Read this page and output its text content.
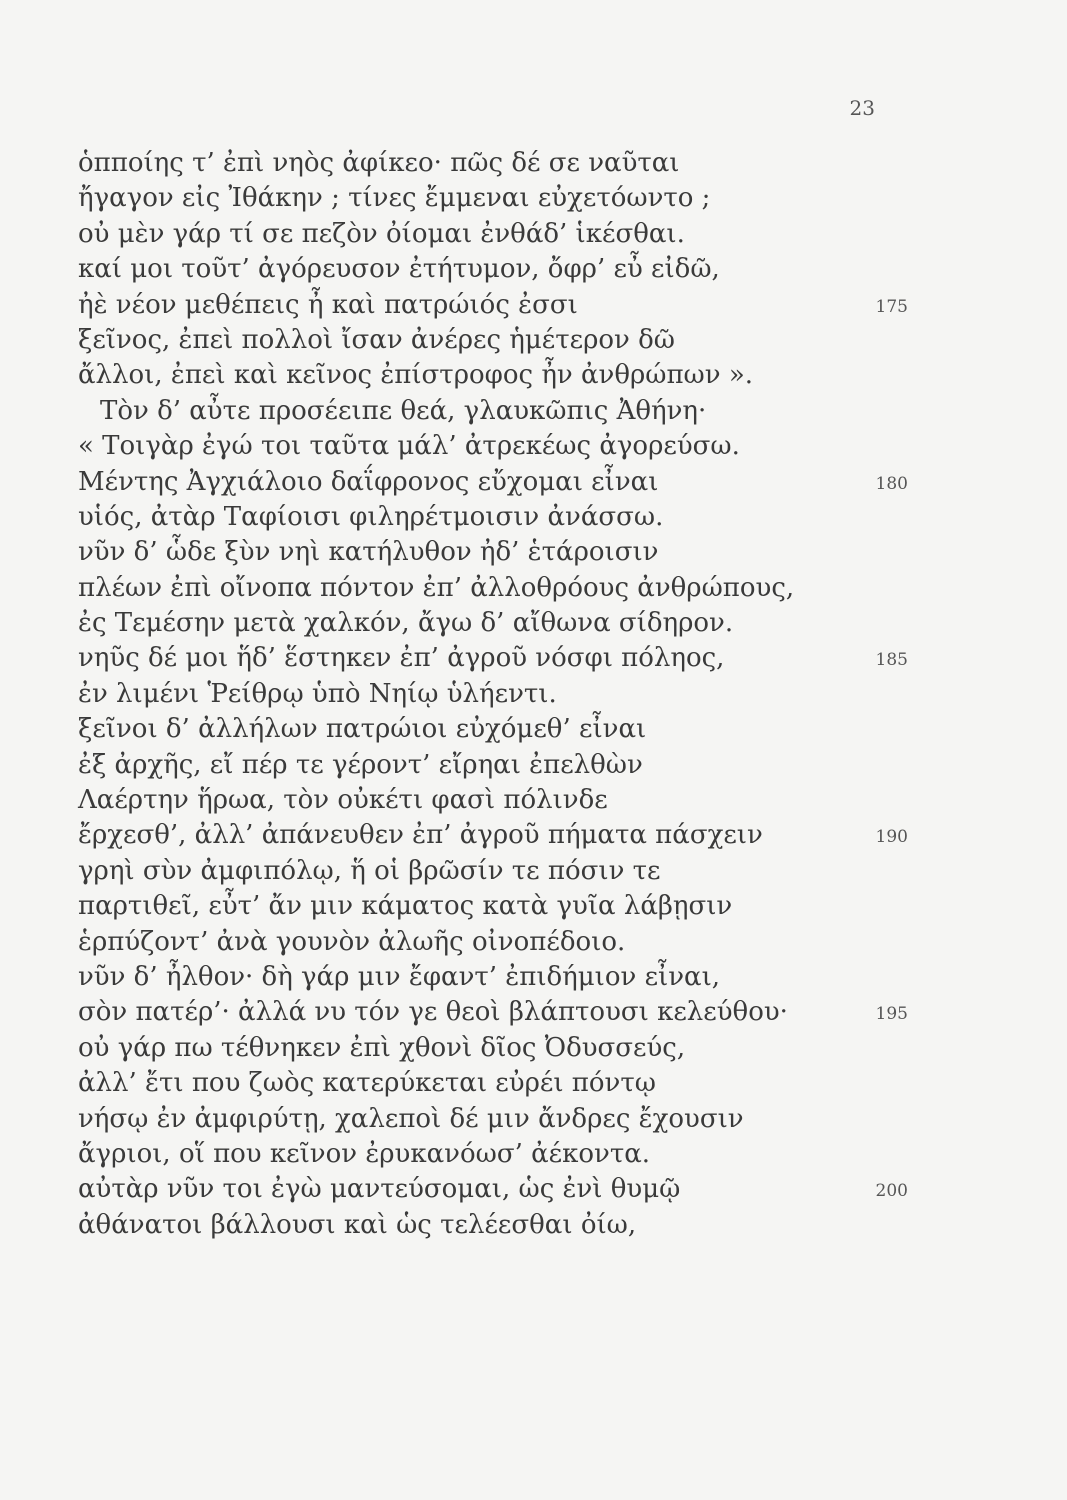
23
ὁπποίης τ’ ἐπὶ νηὸς ἀφίκεο· πῶς δέ σε ναῦται
ἤγαγον εἰς Ἰθάκην ; τίνες ἔμμεναι εὐχετόωντο ;
οὐ μὲν γάρ τί σε πεζὸν ὀίομαι ἐνθάδ’ ἱκέσθαι.
καί μοι τοῦτ’ ἀγόρευσον ἐτήτυμον, ὄφρ’ εὖ εἰδῶ,
ἠὲ νέον μεθέπεις ἦ καὶ πατρώιός ἐσσι	175
ξεῖνος, ἐπεὶ πολλοὶ ἴσαν ἀνέρες ἡμέτερον δῶ
ἄλλοι, ἐπεὶ καὶ κεῖνος ἐπίστροφος ἦν ἀνθρώπων ».
Τὸν δ’ αὖτε προσέειπε θεά, γλαυκῶπις Ἀθήνη·
« Τοιγὰρ ἐγώ τοι ταῦτα μάλ’ ἀτρεκέως ἀγορεύσω.
Μέντης Ἀγχιάλοιο δαΐφρονος εὔχομαι εἶναι	180
υἱός, ἀτὰρ Ταφίοισι φιληρέτμοισιν ἀνάσσω.
νῦν δ’ ὧδε ξὺν νηὶ κατήλυθον ἠδ’ ἑτάροισιν
πλέων ἐπὶ οἴνοπα πόντον ἐπ’ ἀλλοθρόους ἀνθρώπους,
ἐς Τεμέσην μετὰ χαλκόν, ἄγω δ’ αἴθωνα σίδηρον.
νηῦς δέ μοι ἥδ’ ἕστηκεν ἐπ’ ἀγροῦ νόσφι πόληος,	185
ἐν λιμένι Ῥείθρῳ ὑπὸ Νηίῳ ὑλήεντι.
ξεῖνοι δ’ ἀλλήλων πατρώιοι εὐχόμεθ’ εἶναι
ἐξ ἀρχῆς, εἴ πέρ τε γέροντ’ εἴρηαι ἐπελθὼν
Λαέρτην ἥρωα, τὸν οὐκέτι φασὶ πόλινδε
ἔρχεσθ’, ἀλλ’ ἀπάνευθεν ἐπ’ ἀγροῦ πήματα πάσχειν	190
γρηὶ σὺν ἀμφιπόλῳ, ἥ οἱ βρῶσίν τε πόσιν τε
παρτιθεῖ, εὖτ’ ἄν μιν κάματος κατὰ γυῖα λάβῃσιν
ἑρπύζοντ’ ἀνὰ γουνὸν ἀλωῆς οἰνοπέδοιο.
νῦν δ’ ἦλθον· δὴ γάρ μιν ἔφαντ’ ἐπιδήμιον εἶναι,
σὸν πατέρ’· ἀλλά νυ τόν γε θεοὶ βλάπτουσι κελεύθου·	195
οὐ γάρ πω τέθνηκεν ἐπὶ χθονὶ δῖος Ὀδυσσεύς,
ἀλλ’ ἔτι που ζωὸς κατερύκεται εὐρέι πόντῳ
νήσῳ ἐν ἀμφιρύτῃ, χαλεποὶ δέ μιν ἄνδρες ἔχουσιν
ἄγριοι, οἵ που κεῖνον ἐρυκανόωσ’ ἀέκοντα.
αὐτὰρ νῦν τοι ἐγὼ μαντεύσομαι, ὡς ἐνὶ θυμῷ	200
ἀθάνατοι βάλλουσι καὶ ὡς τελέεσθαι ὀίω,
